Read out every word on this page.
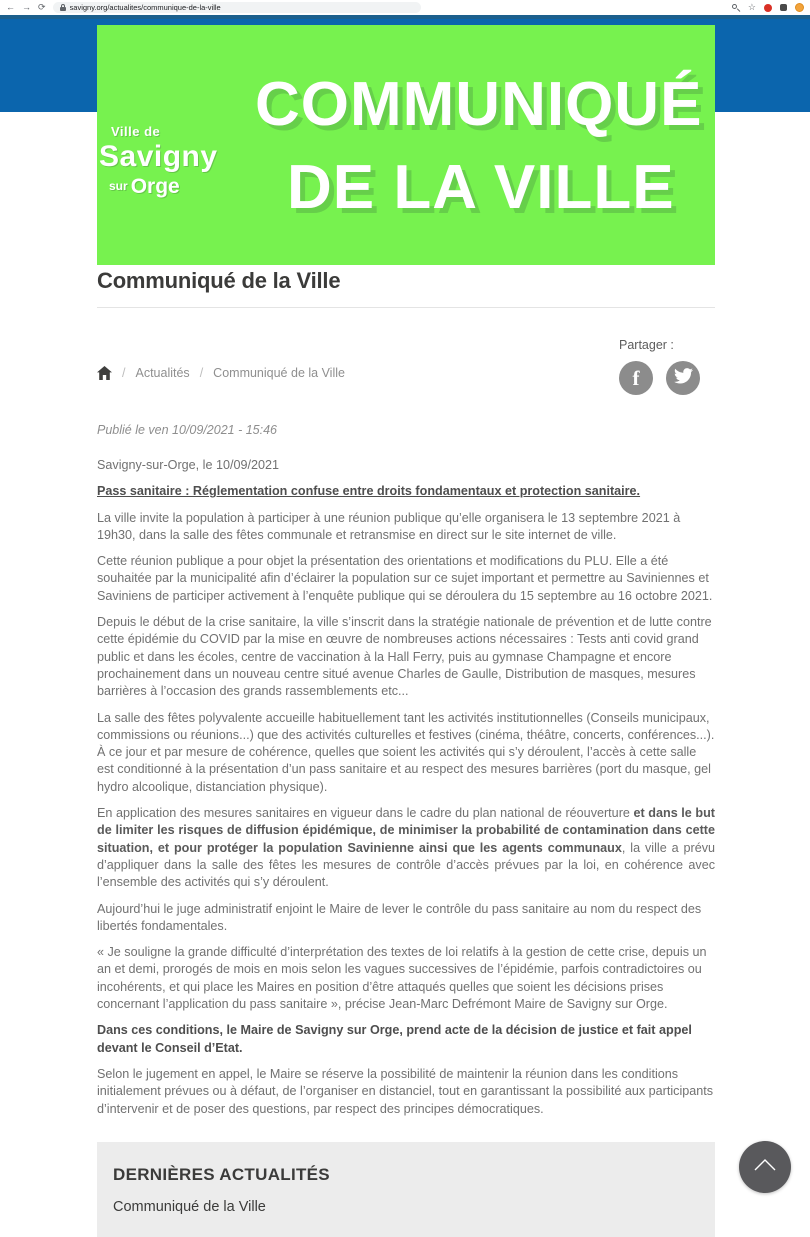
← → ⟳	savigny.org/actualites/communique-de-la-ville	☆
Ville de
Savigny
sur Orge
COMMUNIQUÉ
DE LA VILLE
Communiqué de la Ville
/ Actualités / Communiqué de la Ville
Partager :
f
Publié le ven 10/09/2021 - 15:46

Savigny-sur-Orge, le 10/09/2021

Pass sanitaire : Réglementation confuse entre droits fondamentaux et protection sanitaire.

La ville invite la population à participer à une réunion publique qu’elle organisera le 13 septembre 2021 à 19h30, dans la salle des fêtes communale et retransmise en direct sur le site internet de ville.

Cette réunion publique a pour objet la présentation des orientations et modifications du PLU. Elle a été souhaitée par la municipalité afin d’éclairer la population sur ce sujet important et permettre au Saviniennes et Saviniens de participer activement à l’enquête publique qui se déroulera du 15 septembre au 16 octobre 2021.

Depuis le début de la crise sanitaire, la ville s’inscrit dans la stratégie nationale de prévention et de lutte contre cette épidémie du COVID par la mise en œuvre de nombreuses actions nécessaires : Tests anti covid grand public et dans les écoles, centre de vaccination à la Hall Ferry, puis au gymnase Champagne et encore prochainement dans un nouveau centre situé avenue Charles de Gaulle, Distribution de masques, mesures barrières à l’occasion des grands rassemblements etc...

La salle des fêtes polyvalente accueille habituellement tant les activités institutionnelles (Conseils municipaux, commissions ou réunions...) que des activités culturelles et festives (cinéma, théâtre, concerts, conférences...). À ce jour et par mesure de cohérence, quelles que soient les activités qui s’y déroulent, l’accès à cette salle est conditionné à la présentation d’un pass sanitaire et au respect des mesures barrières (port du masque, gel hydro alcoolique, distanciation physique).

En application des mesures sanitaires en vigueur dans le cadre du plan national de réouverture et dans le but de limiter les risques de diffusion épidémique, de minimiser la probabilité de contamination dans cette situation, et pour protéger la population Savinienne ainsi que les agents communaux, la ville a prévu d’appliquer dans la salle des fêtes les mesures de contrôle d’accès prévues par la loi, en cohérence avec l’ensemble des activités qui s’y déroulent.

Aujourd’hui le juge administratif enjoint le Maire de lever le contrôle du pass sanitaire au nom du respect des libertés fondamentales.

« Je souligne la grande difficulté d’interprétation des textes de loi relatifs à la gestion de cette crise, depuis un an et demi, prorogés de mois en mois selon les vagues successives de l’épidémie, parfois contradictoires ou incohérents, et qui place les Maires en position d’être attaqués quelles que soient les décisions prises concernant l’application du pass sanitaire », précise Jean-Marc Defrémont Maire de Savigny sur Orge.

Dans ces conditions, le Maire de Savigny sur Orge, prend acte de la décision de justice et fait appel devant le Conseil d’Etat.

Selon le jugement en appel, le Maire se réserve la possibilité de maintenir la réunion dans les conditions initialement prévues ou à défaut, de l’organiser en distanciel, tout en garantissant la possibilité aux participants d’intervenir et de poser des questions, par respect des principes démocratiques.

DERNIÈRES ACTUALITÉS
Communiqué de la Ville
